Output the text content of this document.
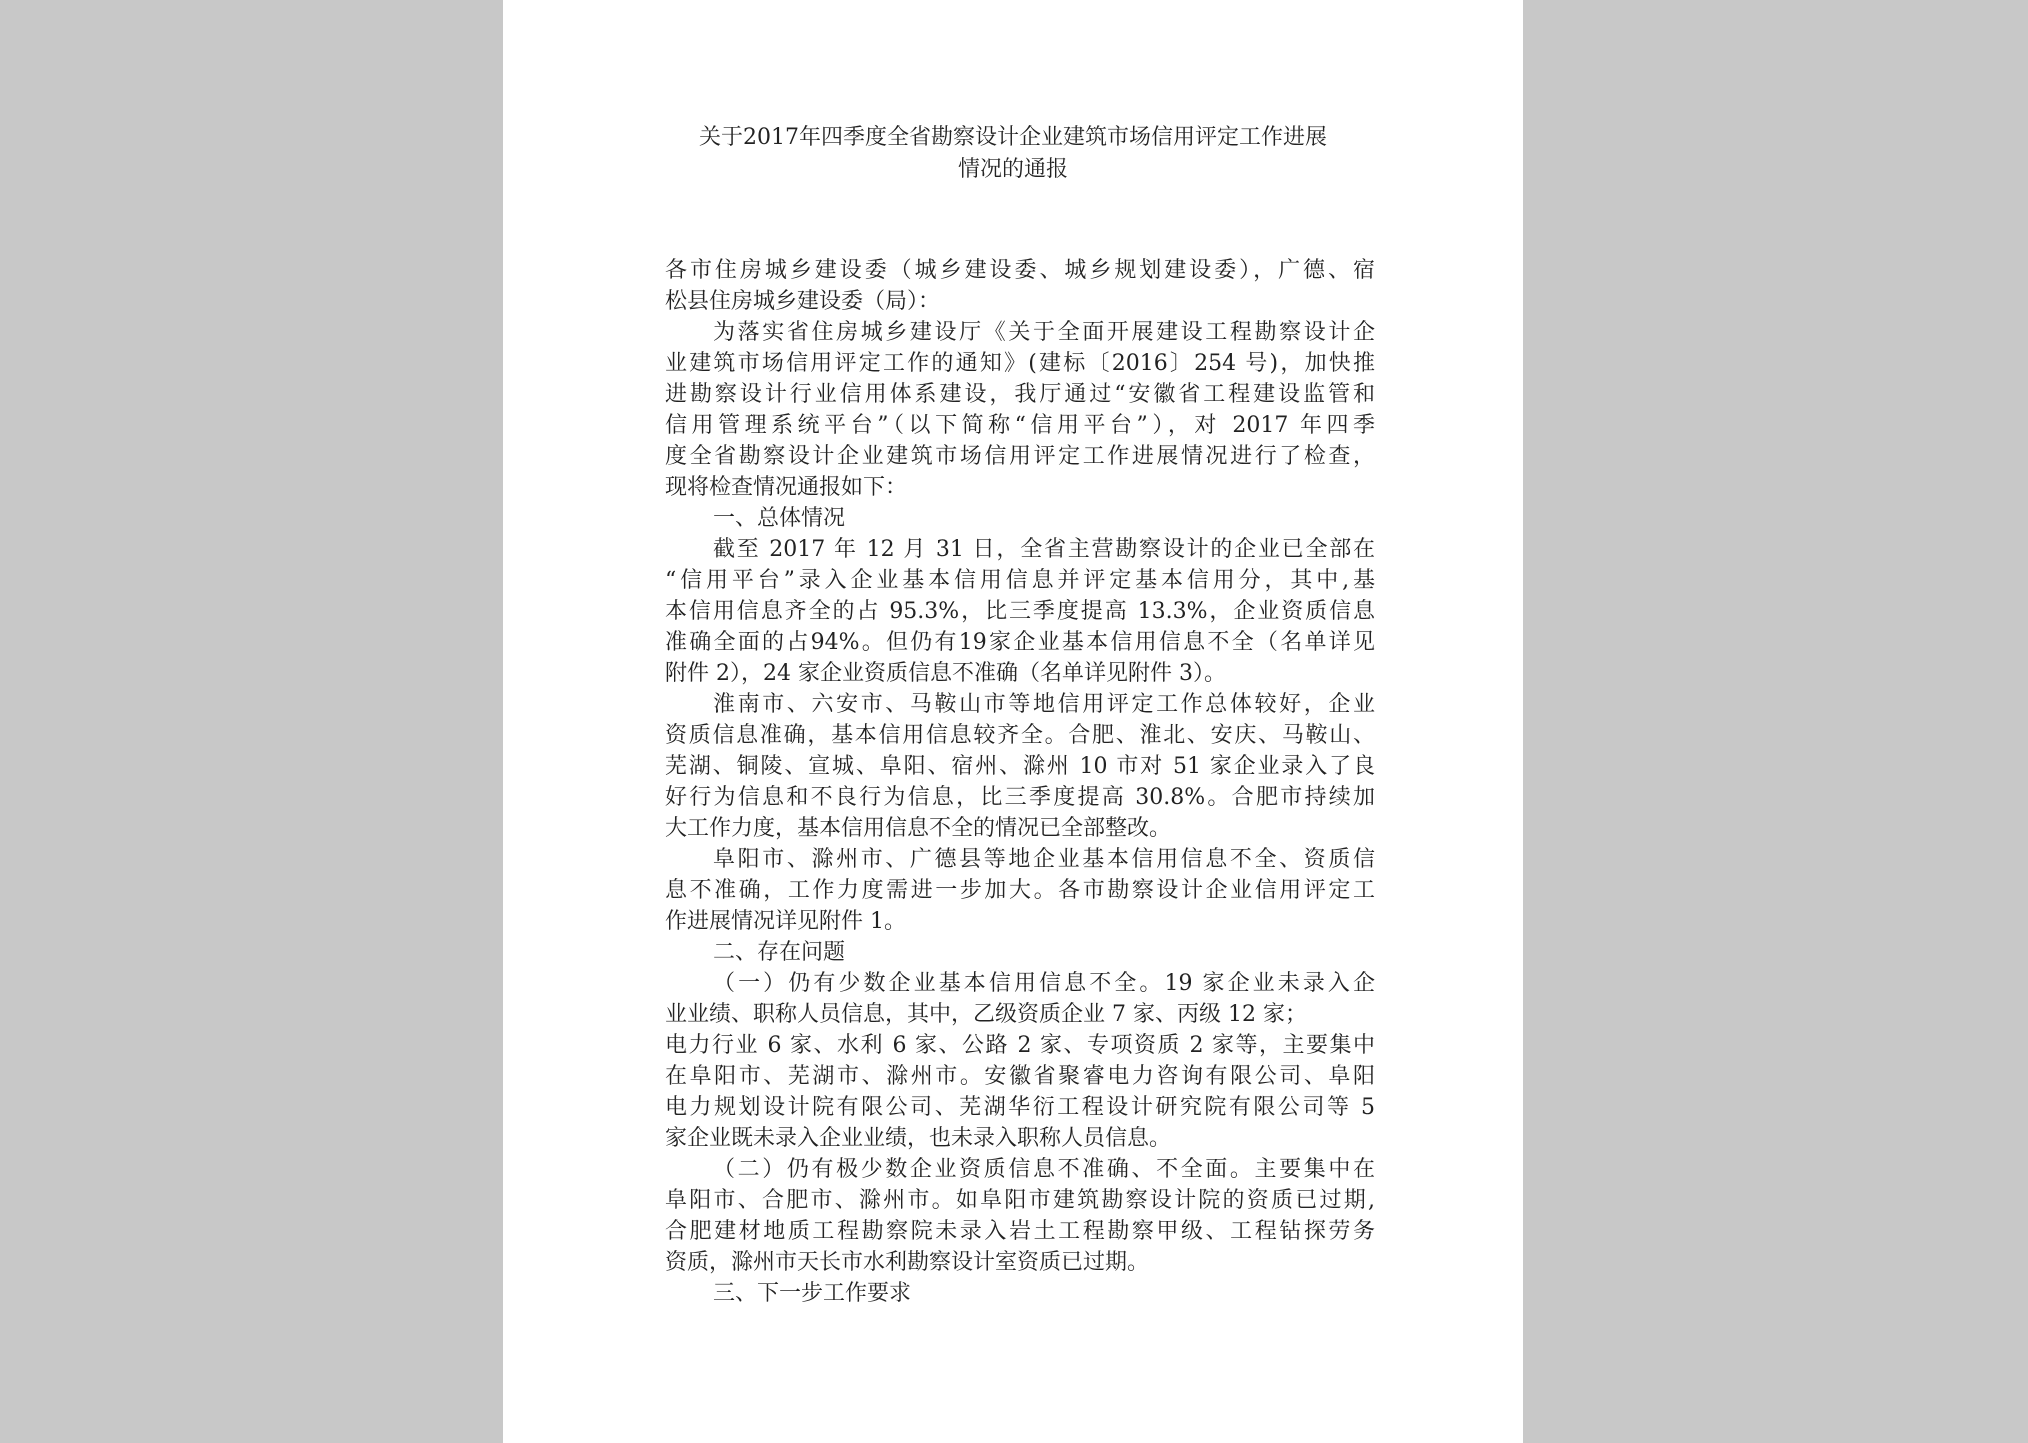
关于2017年四季度全省勘察设计企业建筑市场信用评定工作进展
情况的通报
各市住房城乡建设委（城乡建设委、城乡规划建设委），广德、宿
松县住房城乡建设委（局）：
为落实省住房城乡建设厅《关于全面开展建设工程勘察设计企
业建筑市场信用评定工作的通知》(建标〔2016〕254 号)，加快推
进勘察设计行业信用体系建设，我厅通过“安徽省工程建设监管和
信用管理系统平台”（以下简称“信用平台”），对 2017 年四季
度全省勘察设计企业建筑市场信用评定工作进展情况进行了检查，
现将检查情况通报如下：
一、总体情况
截至 2017 年 12 月 31 日，全省主营勘察设计的企业已全部在
“信用平台”录入企业基本信用信息并评定基本信用分，其中,基
本信用信息齐全的占 95.3%，比三季度提高 13.3%，企业资质信息
准确全面的占94%。但仍有19家企业基本信用信息不全（名单详见
附件 2），24 家企业资质信息不准确（名单详见附件 3）。
淮南市、六安市、马鞍山市等地信用评定工作总体较好，企业
资质信息准确，基本信用信息较齐全。合肥、淮北、安庆、马鞍山、
芜湖、铜陵、宣城、阜阳、宿州、滁州 10 市对 51 家企业录入了良
好行为信息和不良行为信息，比三季度提高 30.8%。合肥市持续加
大工作力度，基本信用信息不全的情况已全部整改。
阜阳市、滁州市、广德县等地企业基本信用信息不全、资质信
息不准确，工作力度需进一步加大。各市勘察设计企业信用评定工
作进展情况详见附件 1。
二、存在问题
（一）仍有少数企业基本信用信息不全。19 家企业未录入企
业业绩、职称人员信息，其中，乙级资质企业 7 家、丙级 12 家；
电力行业 6 家、水利 6 家、公路 2 家、专项资质 2 家等，主要集中
在阜阳市、芜湖市、滁州市。安徽省聚睿电力咨询有限公司、阜阳
电力规划设计院有限公司、芜湖华衍工程设计研究院有限公司等 5
家企业既未录入企业业绩，也未录入职称人员信息。
（二）仍有极少数企业资质信息不准确、不全面。主要集中在
阜阳市、合肥市、滁州市。如阜阳市建筑勘察设计院的资质已过期,
合肥建材地质工程勘察院未录入岩土工程勘察甲级、工程钻探劳务
资质，滁州市天长市水利勘察设计室资质已过期。
三、下一步工作要求
